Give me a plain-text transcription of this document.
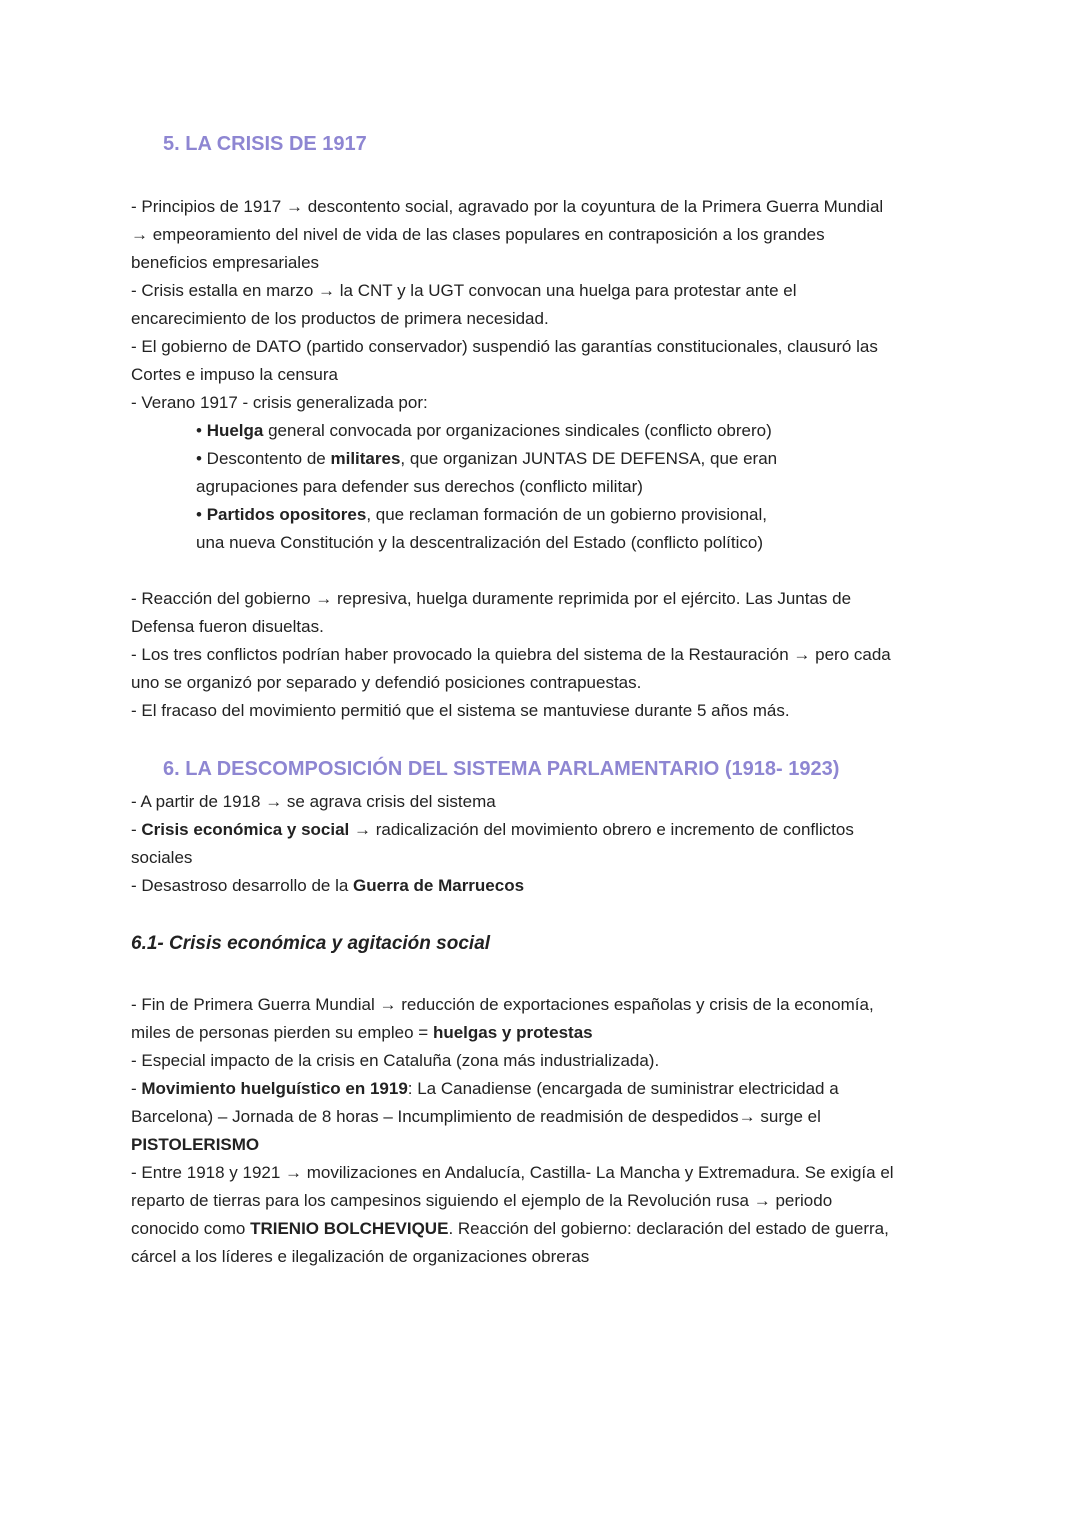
5. LA CRISIS DE 1917
- Principios de 1917 → descontento social, agravado por la coyuntura de la Primera Guerra Mundial
→ empeoramiento del nivel de vida de las clases populares en contraposición a los grandes
beneficios empresariales
- Crisis estalla en marzo → la CNT y la UGT convocan una huelga para protestar ante el
encarecimiento de los productos de primera necesidad.
- El gobierno de DATO (partido conservador) suspendió las garantías constitucionales, clausuró las
Cortes e impuso la censura
- Verano 1917 - crisis generalizada por:
• Huelga general convocada por organizaciones sindicales (conflicto obrero)
• Descontento de militares, que organizan JUNTAS DE DEFENSA, que eran
agrupaciones para defender sus derechos (conflicto militar)
• Partidos opositores, que reclaman formación de un gobierno provisional,
una nueva Constitución y la descentralización del Estado (conflicto político)
- Reacción del gobierno → represiva, huelga duramente reprimida por el ejército. Las Juntas de
Defensa fueron disueltas.
- Los tres conflictos podrían haber provocado la quiebra del sistema de la Restauración → pero cada
uno se organizó por separado y defendió posiciones contrapuestas.
- El fracaso del movimiento permitió que el sistema se mantuviese durante 5 años más.
6. LA DESCOMPOSICIÓN DEL SISTEMA PARLAMENTARIO (1918- 1923)
- A partir de 1918 → se agrava crisis del sistema
- Crisis económica y social → radicalización del movimiento obrero e incremento de conflictos
sociales
- Desastroso desarrollo de la Guerra de Marruecos
6.1- Crisis económica y agitación social
- Fin de Primera Guerra Mundial → reducción de exportaciones españolas y crisis de la economía,
miles de personas pierden su empleo = huelgas y protestas
- Especial impacto de la crisis en Cataluña (zona más industrializada).
- Movimiento huelguístico en 1919: La Canadiense (encargada de suministrar electricidad a
Barcelona) – Jornada de 8 horas – Incumplimiento de readmisión de despedidos→ surge el
PISTOLERISMO
- Entre 1918 y 1921 → movilizaciones en Andalucía, Castilla- La Mancha y Extremadura. Se exigía el
reparto de tierras para los campesinos siguiendo el ejemplo de la Revolución rusa → periodo
conocido como TRIENIO BOLCHEVIQUE. Reacción del gobierno: declaración del estado de guerra,
cárcel a los líderes e ilegalización de organizaciones obreras
